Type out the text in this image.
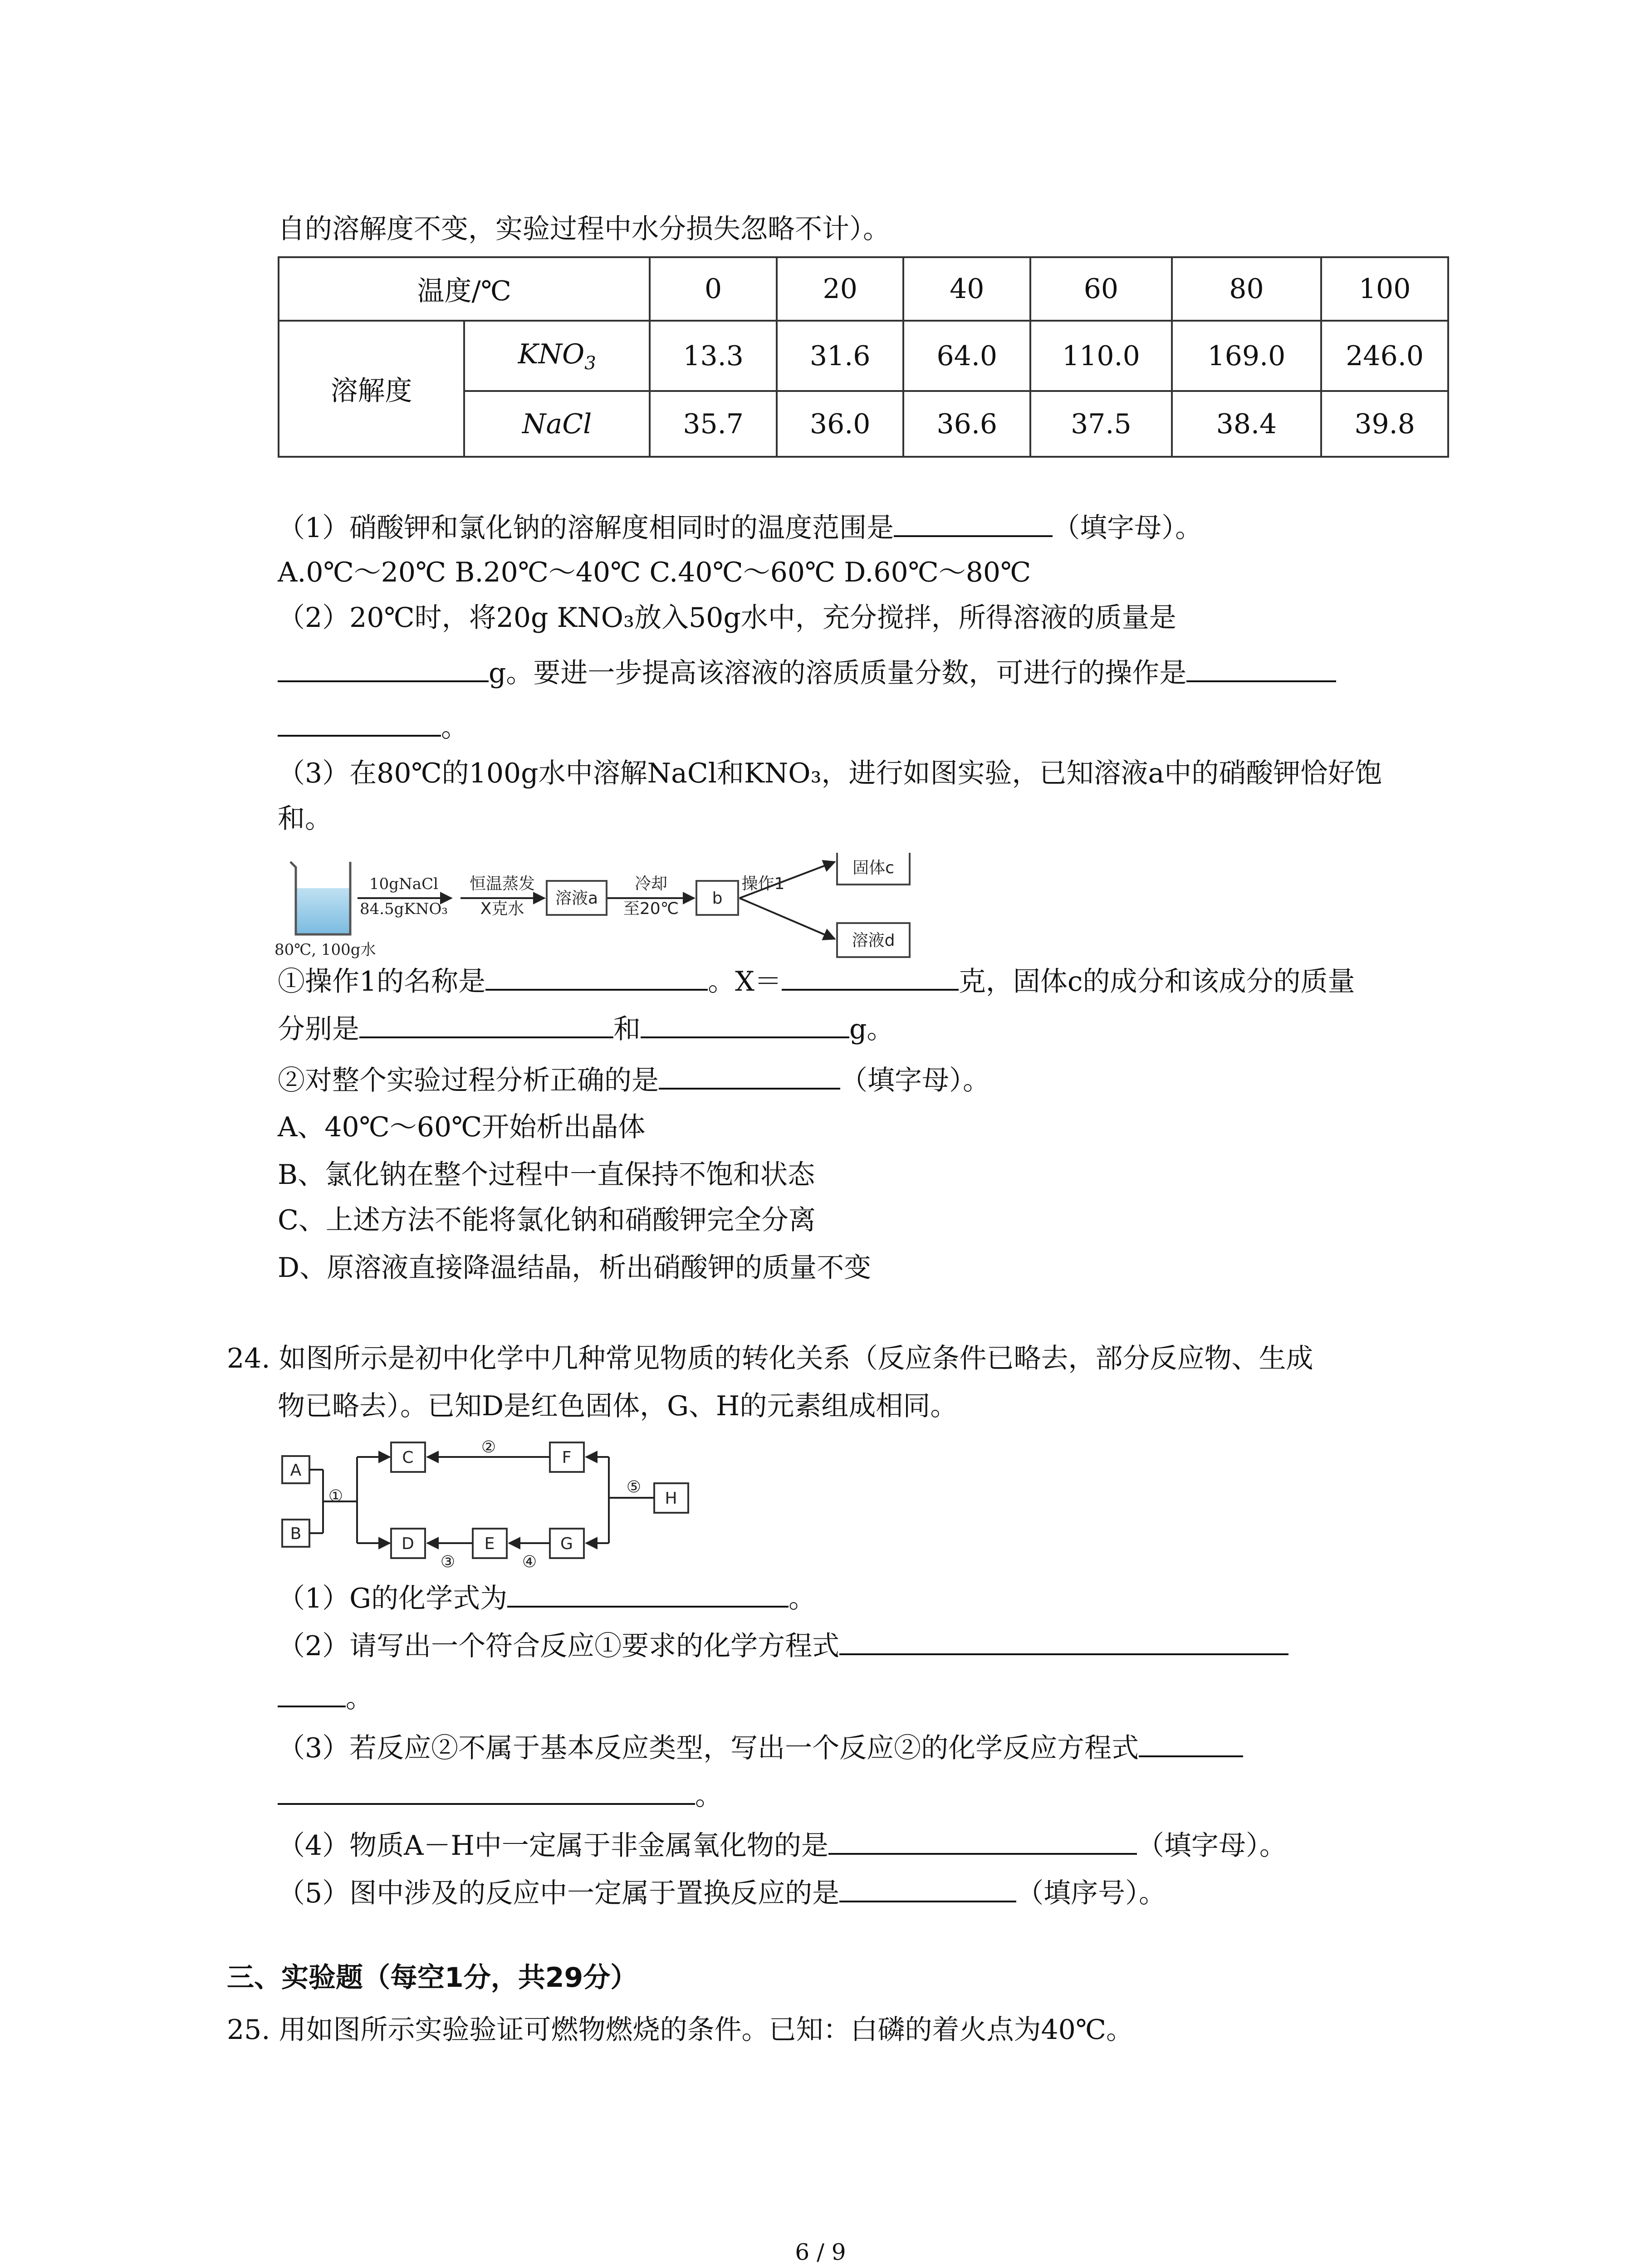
自的溶解度不变，实验过程中水分损失忽略不计）。
温度/℃		0	20	40	60	80	100
溶解度	$KNO_3$	13.3	31.6	64.0	110.0	169.0	246.0
	NaCl	35.7	36.0	36.6	37.5	38.4	39.8
（1）硝酸钾和氯化钠的溶解度相同时的温度范围是	（填字母）。
A.0℃～20℃ B.20℃～40℃ C.40℃～60℃ D.60℃～80℃
（2）20℃时，将20g KNO₃放入50g水中，充分搅拌，所得溶液的质量是
g。要进一步提高该溶液的溶质质量分数，可进行的操作是
。
（3）在80℃的100g水中溶解NaCl和KNO₃，进行如图实验，已知溶液a中的硝酸钾恰好饱
和。
10gNaCl
84.5gKNO₃
恒温蒸发
X克水
溶液a
冷却
至20℃
b
操作1
固体c
溶液d
80℃, 100g水
①操作1的名称是	。X＝	克，固体c的成分和该成分的质量
分别是	和	g。
②对整个实验过程分析正确的是	（填字母）。
A、40℃～60℃开始析出晶体
B、氯化钠在整个过程中一直保持不饱和状态
C、上述方法不能将氯化钠和硝酸钾完全分离
D、原溶液直接降温结晶，析出硝酸钾的质量不变
24. 如图所示是初中化学中几种常见物质的转化关系（反应条件已略去，部分反应物、生成
物已略去）。已知D是红色固体，G、H的元素组成相同。
A
B
C	F
H
D	E	G
①
②
③	④
⑤
（1）G的化学式为	。
（2）请写出一个符合反应①要求的化学方程式
。
（3）若反应②不属于基本反应类型，写出一个反应②的化学反应方程式
。
（4）物质A－H中一定属于非金属氧化物的是	（填字母）。
（5）图中涉及的反应中一定属于置换反应的是	（填序号）。
三、实验题（每空1分，共29分）
25. 用如图所示实验验证可燃物燃烧的条件。已知：白磷的着火点为40℃。
6 / 9
